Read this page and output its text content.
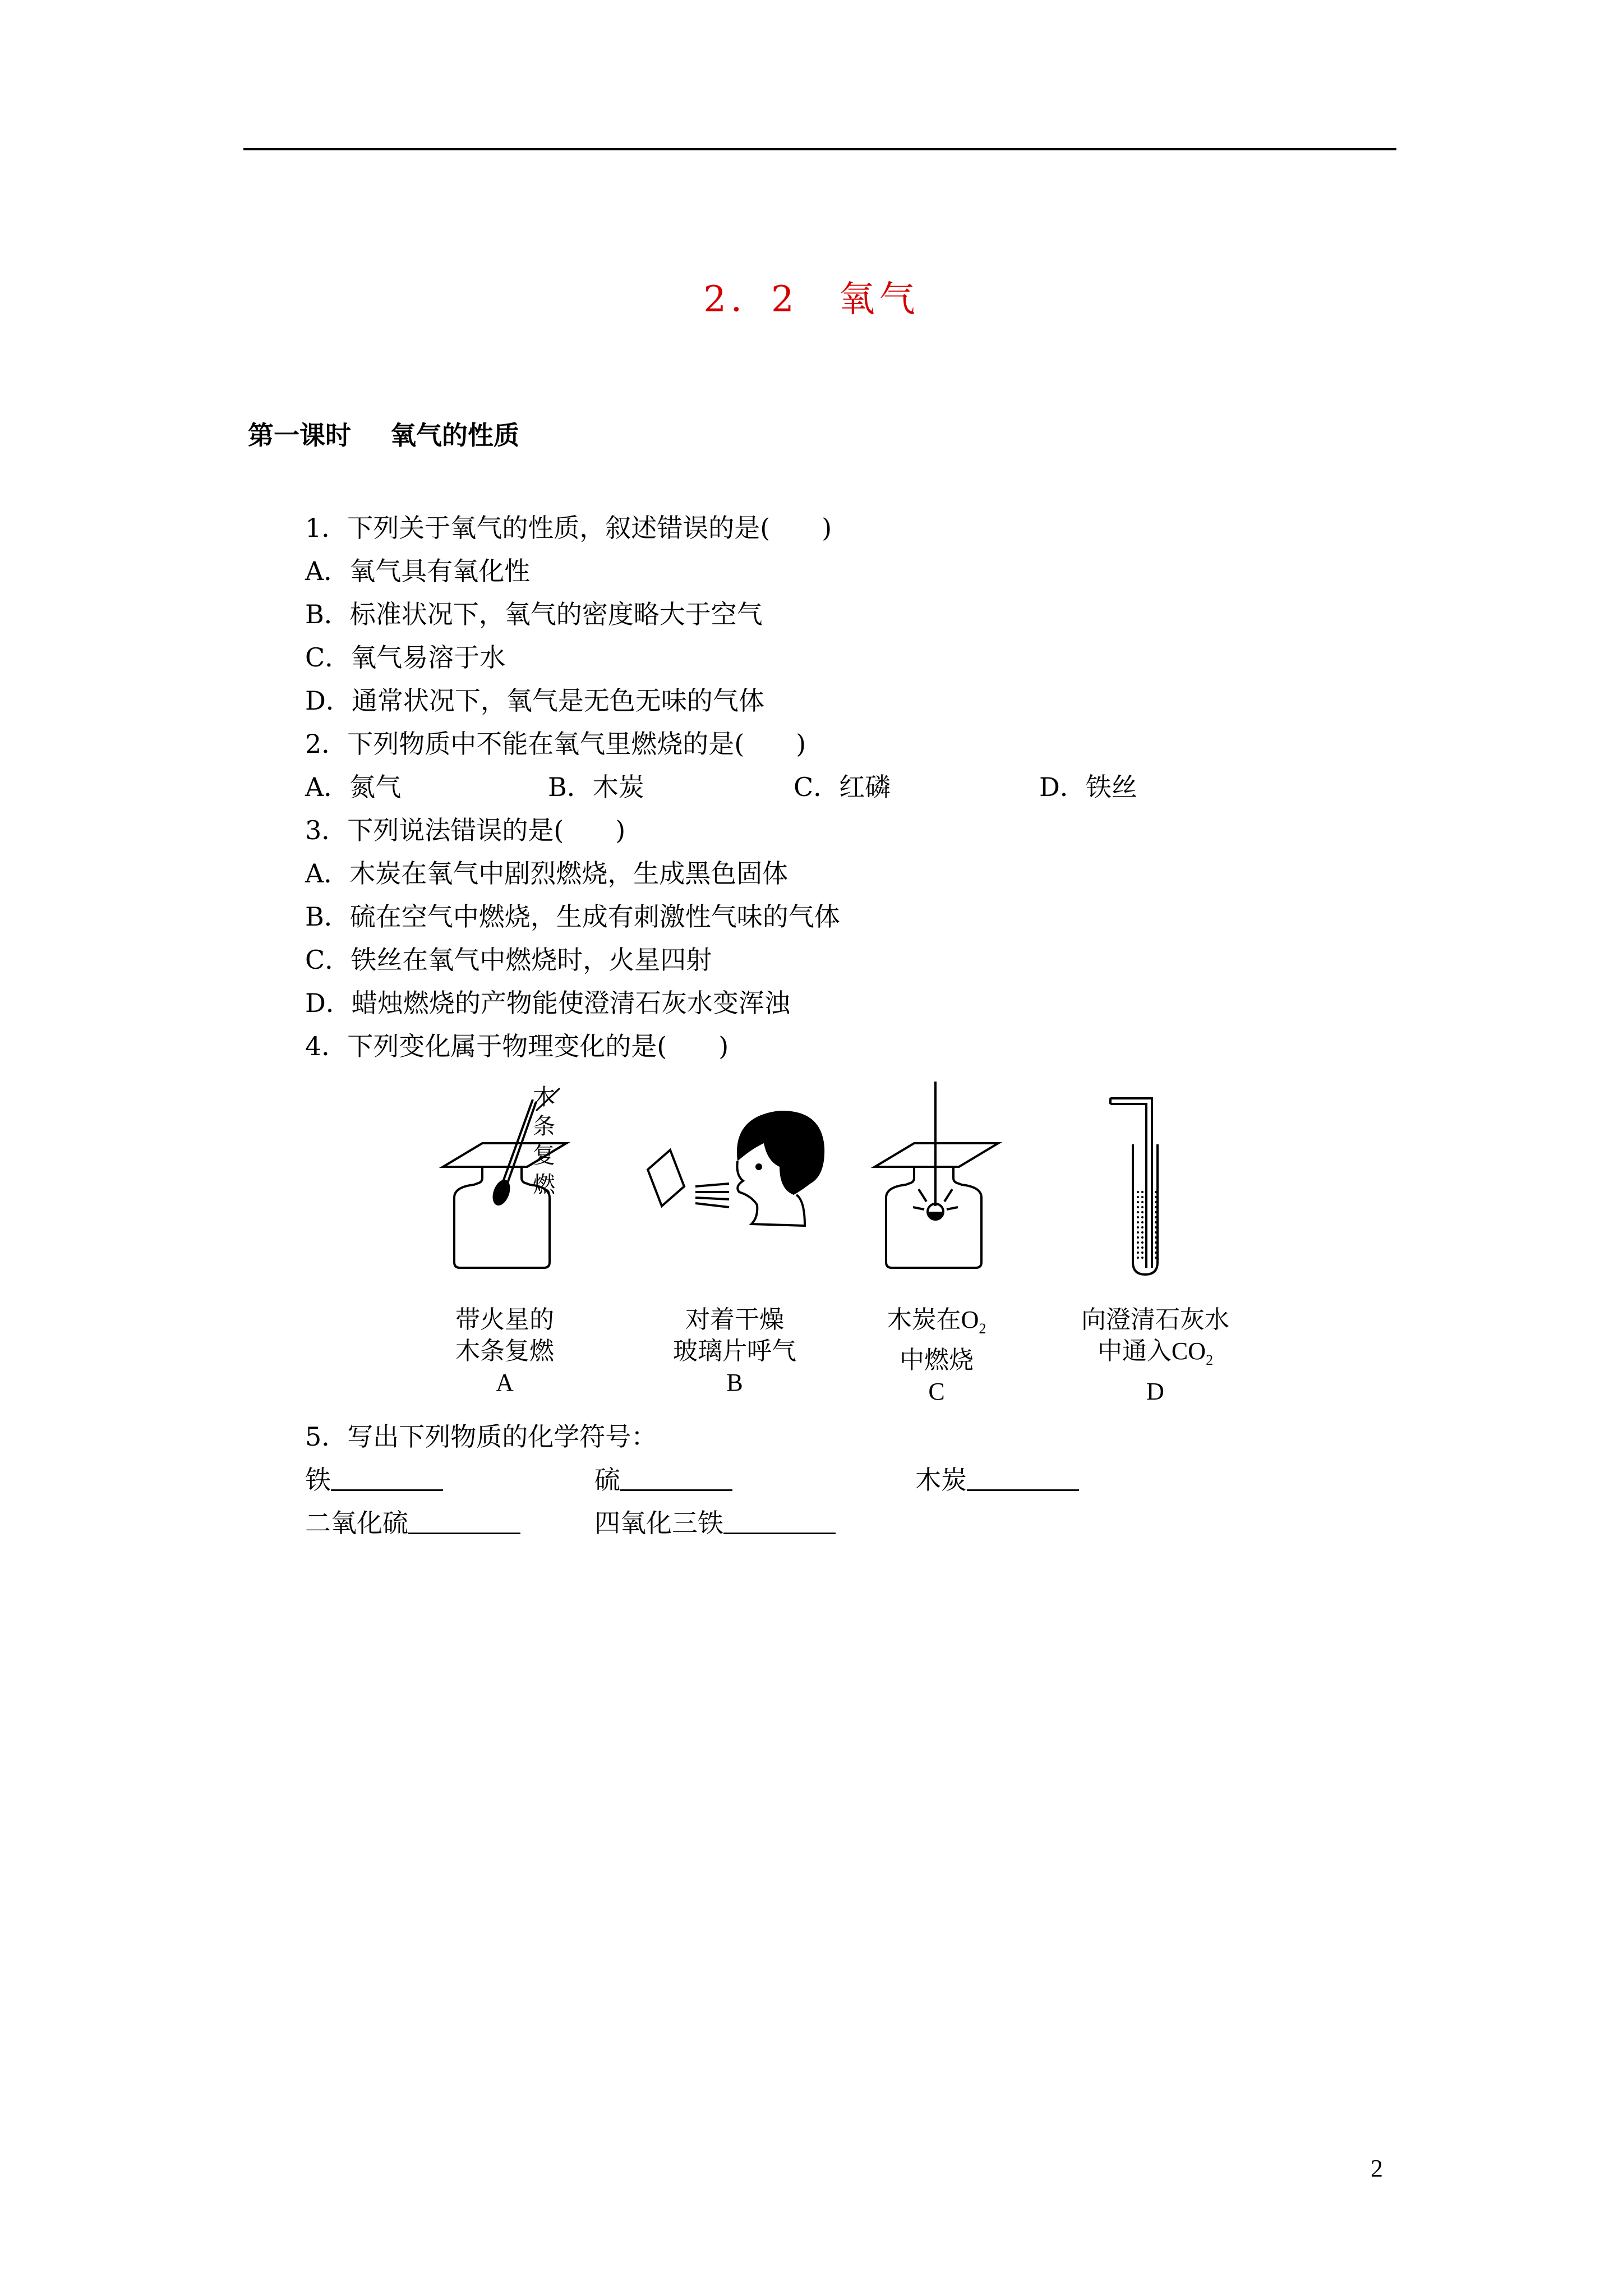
2．2　氧气
第一课时 氧气的性质
1．下列关于氧气的性质，叙述错误的是(　　)
A．氧气具有氧化性
B．标准状况下，氧气的密度略大于空气
C．氧气易溶于水
D．通常状况下，氧气是无色无味的气体
2．下列物质中不能在氧气里燃烧的是(　　)
A．氮气	B．木炭	C．红磷	D．铁丝
3．下列说法错误的是(　　)
A．木炭在氧气中剧烈燃烧，生成黑色固体
B．硫在空气中燃烧，生成有刺激性气味的气体
C．铁丝在氧气中燃烧时，火星四射
D．蜡烛燃烧的产物能使澄清石灰水变浑浊
4．下列变化属于物理变化的是(　　)
木
条
复
燃
带火星的
木条复燃
A
对着干燥
玻璃片呼气
B
木炭在$O_2$
中燃烧
C
向澄清石灰水
中通入$CO_2$
D
5．写出下列物质的化学符号：
铁	硫	木炭
二氧化硫	四氧化三铁
2
